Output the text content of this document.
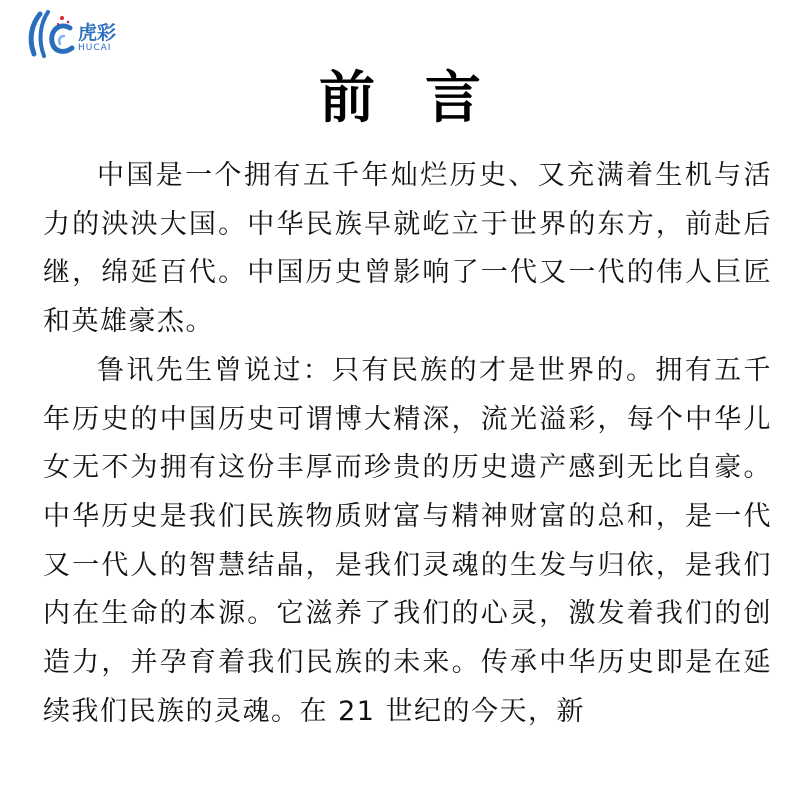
虎彩
HUCAI
前言

中国是一个拥有五千年灿烂历史、又充满着生机与活力的泱泱大国。中华民族早就屹立于世界的东方，前赴后继，绵延百代。中国历史曾影响了一代又一代的伟人巨匠和英雄豪杰。

鲁讯先生曾说过：只有民族的才是世界的。拥有五千年历史的中国历史可谓博大精深，流光溢彩，每个中华儿女无不为拥有这份丰厚而珍贵的历史遗产感到无比自豪。中华历史是我们民族物质财富与精神财富的总和，是一代又一代人的智慧结晶，是我们灵魂的生发与归依，是我们内在生命的本源。它滋养了我们的心灵，激发着我们的创造力，并孕育着我们民族的未来。传承中华历史即是在延续我们民族的灵魂。在 21 世纪的今天，新
